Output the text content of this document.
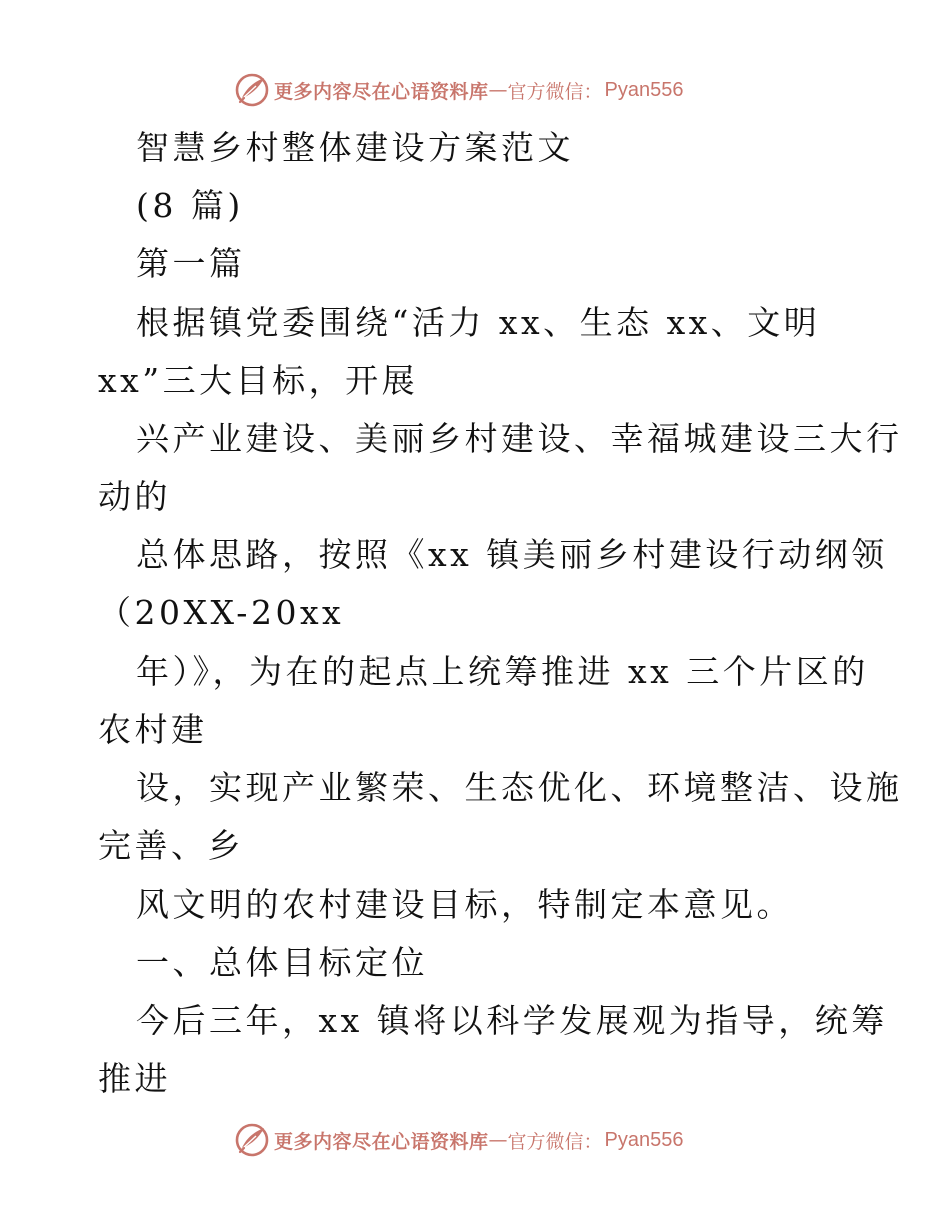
更多内容尽在心语资料库 — 官方微信： Pyan556
智慧乡村整体建设方案范文
(8 篇)
第一篇
根据镇党委围绕“活力 xx、生态 xx、文明
xx”三大目标，开展
兴产业建设、美丽乡村建设、幸福城建设三大行
动的
总体思路，按照《xx 镇美丽乡村建设行动纲领
（20XX-20xx
年）》，为在的起点上统筹推进 xx 三个片区的
农村建
设，实现产业繁荣、生态优化、环境整洁、设施
完善、乡
风文明的农村建设目标，特制定本意见。
一、总体目标定位
今后三年，xx 镇将以科学发展观为指导，统筹
推进
更多内容尽在心语资料库 — 官方微信： Pyan556
